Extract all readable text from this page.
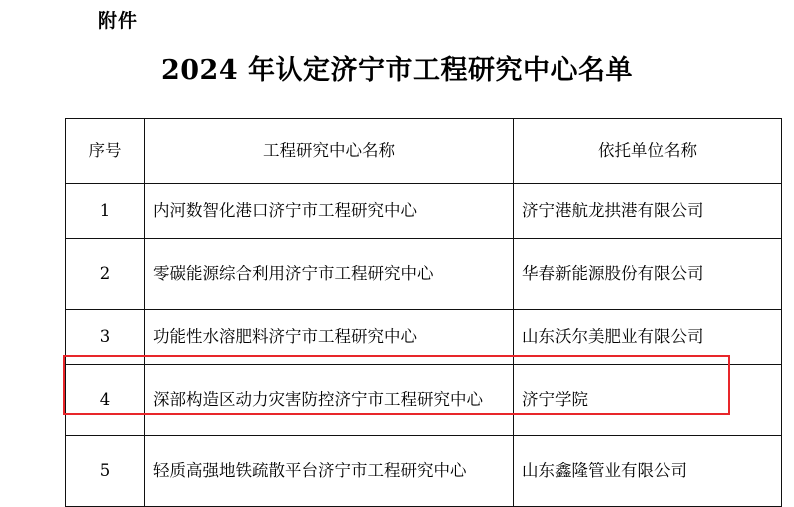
附件
2024 年认定济宁市工程研究中心名单
序号	工程研究中心名称	依托单位名称
1	内河数智化港口济宁市工程研究中心	济宁港航龙拱港有限公司
2	零碳能源综合利用济宁市工程研究中心	华春新能源股份有限公司
3	功能性水溶肥料济宁市工程研究中心	山东沃尔美肥业有限公司
4	深部构造区动力灾害防控济宁市工程研究中心	济宁学院
5	轻质高强地铁疏散平台济宁市工程研究中心	山东鑫隆管业有限公司
